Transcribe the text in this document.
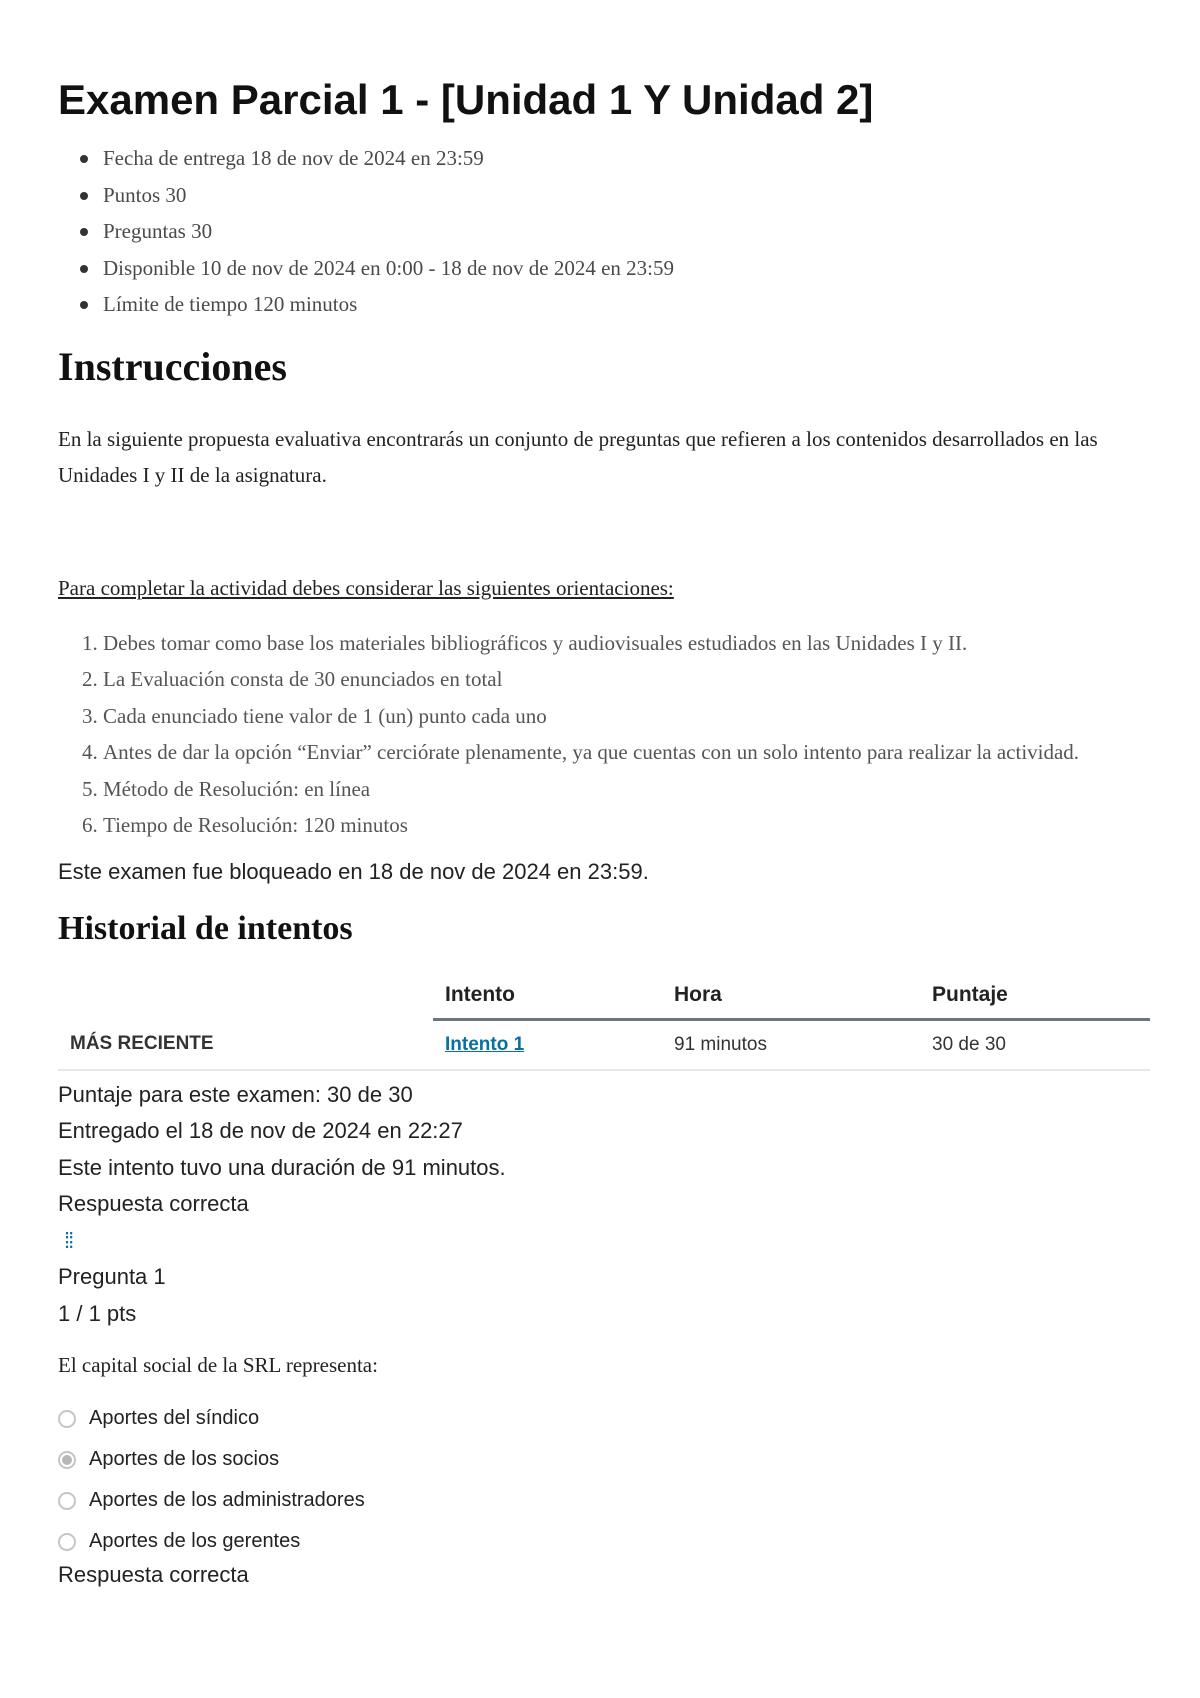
Examen Parcial 1 - [Unidad 1 Y Unidad 2]
Fecha de entrega 18 de nov de 2024 en 23:59
Puntos 30
Preguntas 30
Disponible 10 de nov de 2024 en 0:00 - 18 de nov de 2024 en 23:59
Límite de tiempo 120 minutos
Instrucciones

En la siguiente propuesta evaluativa encontrarás un conjunto de preguntas que refieren a los contenidos desarrollados en las Unidades I y II de la asignatura.

Para completar la actividad debes considerar las siguientes orientaciones:

1. Debes tomar como base los materiales bibliográficos y audiovisuales estudiados en las Unidades I y II.
2. La Evaluación consta de 30 enunciados en total
3. Cada enunciado tiene valor de 1 (un) punto cada uno
4. Antes de dar la opción “Enviar” cerciórate plenamente, ya que cuentas con un solo intento para realizar la actividad.
5. Método de Resolución: en línea
6. Tiempo de Resolución: 120 minutos

Este examen fue bloqueado en 18 de nov de 2024 en 23:59.

Historial de intentos
	Intento	Hora	Puntaje
MÁS RECIENTE	Intento 1	91 minutos	30 de 30
Puntaje para este examen: 30 de 30
Entregado el 18 de nov de 2024 en 22:27
Este intento tuvo una duración de 91 minutos.
Respuesta correcta
⁞⁞
Pregunta 1
1 / 1 pts

El capital social de la SRL representa:

Aportes del síndico
Aportes de los socios
Aportes de los administradores
Aportes de los gerentes
Respuesta correcta
